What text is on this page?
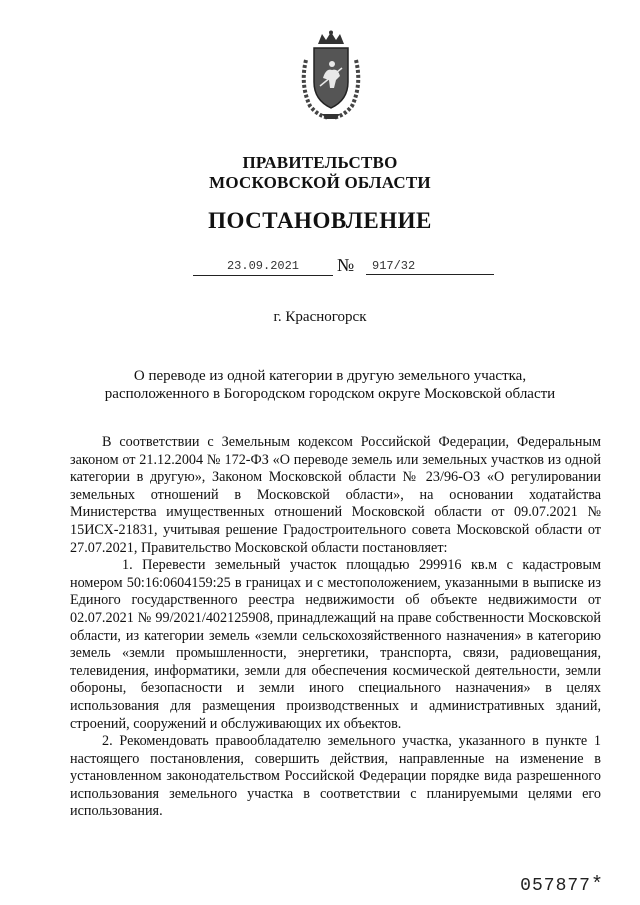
ПРАВИТЕЛЬСТВО
МОСКОВСКОЙ ОБЛАСТИ
ПОСТАНОВЛЕНИЕ
23.09.2021	№	917/32
г. Красногорск
О переводе из одной категории в другую земельного участка,
расположенного в Богородском городском округе Московской области

В соответствии с Земельным кодексом Российской Федерации, Федеральным законом от 21.12.2004 № 172-ФЗ «О переводе земель или земельных участков из одной категории в другую», Законом Московской области № 23/96-ОЗ «О регулировании земельных отношений в Московской области», на основании ходатайства Министерства имущественных отношений Московской области от 09.07.2021 № 15ИСХ-21831, учитывая решение Градостроительного совета Московской области от 27.07.2021, Правительство Московской области постановляет:

1. Перевести земельный участок площадью 299916 кв.м с кадастровым номером 50:16:0604159:25 в границах и с местоположением, указанными в выписке из Единого государственного реестра недвижимости об объекте недвижимости от 02.07.2021 № 99/2021/402125908, принадлежащий на праве собственности Московской области, из категории земель «земли сельскохозяйственного назначения» в категорию земель «земли промышленности, энергетики, транспорта, связи, радиовещания, телевидения, информатики, земли для обеспечения космической деятельности, земли обороны, безопасности и земли иного специального назначения» в целях использования для размещения производственных и административных зданий, строений, сооружений и обслуживающих их объектов.

2. Рекомендовать правообладателю земельного участка, указанного в пункте 1 настоящего постановления, совершить действия, направленные на изменение в установленном законодательством Российской Федерации порядке вида разрешенного использования земельного участка в соответствии с планируемыми целями его использования.

057877*
